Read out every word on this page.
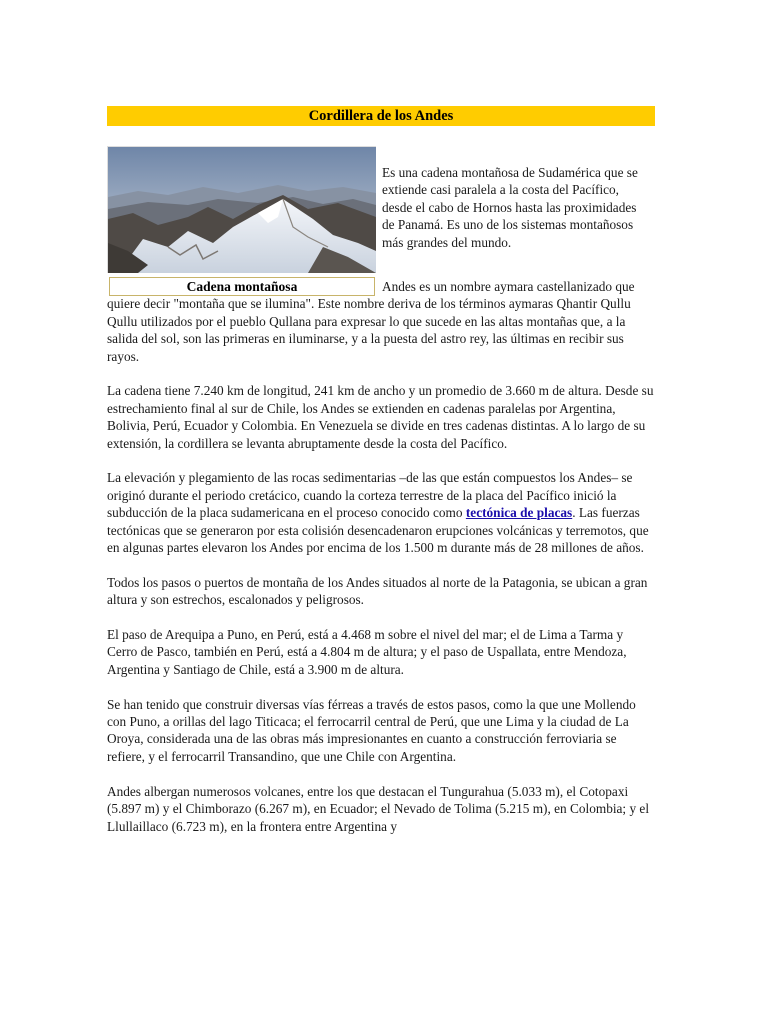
Cordillera de los Andes
Cadena montañosa
Es una cadena montañosa de Sudamérica que se extiende casi paralela a la costa del Pacífico, desde el cabo de Hornos hasta las proximidades de Panamá. Es uno de los sistemas montañosos más grandes del mundo.

Andes es un nombre aymara castellanizado que quiere decir "montaña que se ilumina". Este nombre deriva de los términos aymaras Qhantir Qullu Qullu utilizados por el pueblo Qullana para expresar lo que sucede en las altas montañas que, a la salida del sol, son las primeras en iluminarse, y a la puesta del astro rey, las últimas en recibir sus rayos.

La cadena tiene 7.240 km de longitud, 241 km de ancho y un promedio de 3.660 m de altura. Desde su estrechamiento final al sur de Chile, los Andes se extienden en cadenas paralelas por Argentina, Bolivia, Perú, Ecuador y Colombia. En Venezuela se divide en tres cadenas distintas. A lo largo de su extensión, la cordillera se levanta abruptamente desde la costa del Pacífico.

La elevación y plegamiento de las rocas sedimentarias –de las que están compuestos los Andes– se originó durante el periodo cretácico, cuando la corteza terrestre de la placa del Pacífico inició la subducción de la placa sudamericana en el proceso conocido como tectónica de placas. Las fuerzas tectónicas que se generaron por esta colisión desencadenaron erupciones volcánicas y terremotos, que en algunas partes elevaron los Andes por encima de los 1.500 m durante más de 28 millones de años.

Todos los pasos o puertos de montaña de los Andes situados al norte de la Patagonia, se ubican a gran altura y son estrechos, escalonados y peligrosos.

El paso de Arequipa a Puno, en Perú, está a 4.468 m sobre el nivel del mar; el de Lima a Tarma y Cerro de Pasco, también en Perú, está a 4.804 m de altura; y el paso de Uspallata, entre Mendoza, Argentina y Santiago de Chile, está a 3.900 m de altura.

Se han tenido que construir diversas vías férreas a través de estos pasos, como la que une Mollendo con Puno, a orillas del lago Titicaca; el ferrocarril central de Perú, que une Lima y la ciudad de La Oroya, considerada una de las obras más impresionantes en cuanto a construcción ferroviaria se refiere, y el ferrocarril Transandino, que une Chile con Argentina.

Andes albergan numerosos volcanes, entre los que destacan el Tungurahua (5.033 m), el Cotopaxi (5.897 m) y el Chimborazo (6.267 m), en Ecuador; el Nevado de Tolima (5.215 m), en Colombia; y el Llullaillaco (6.723 m), en la frontera entre Argentina y
